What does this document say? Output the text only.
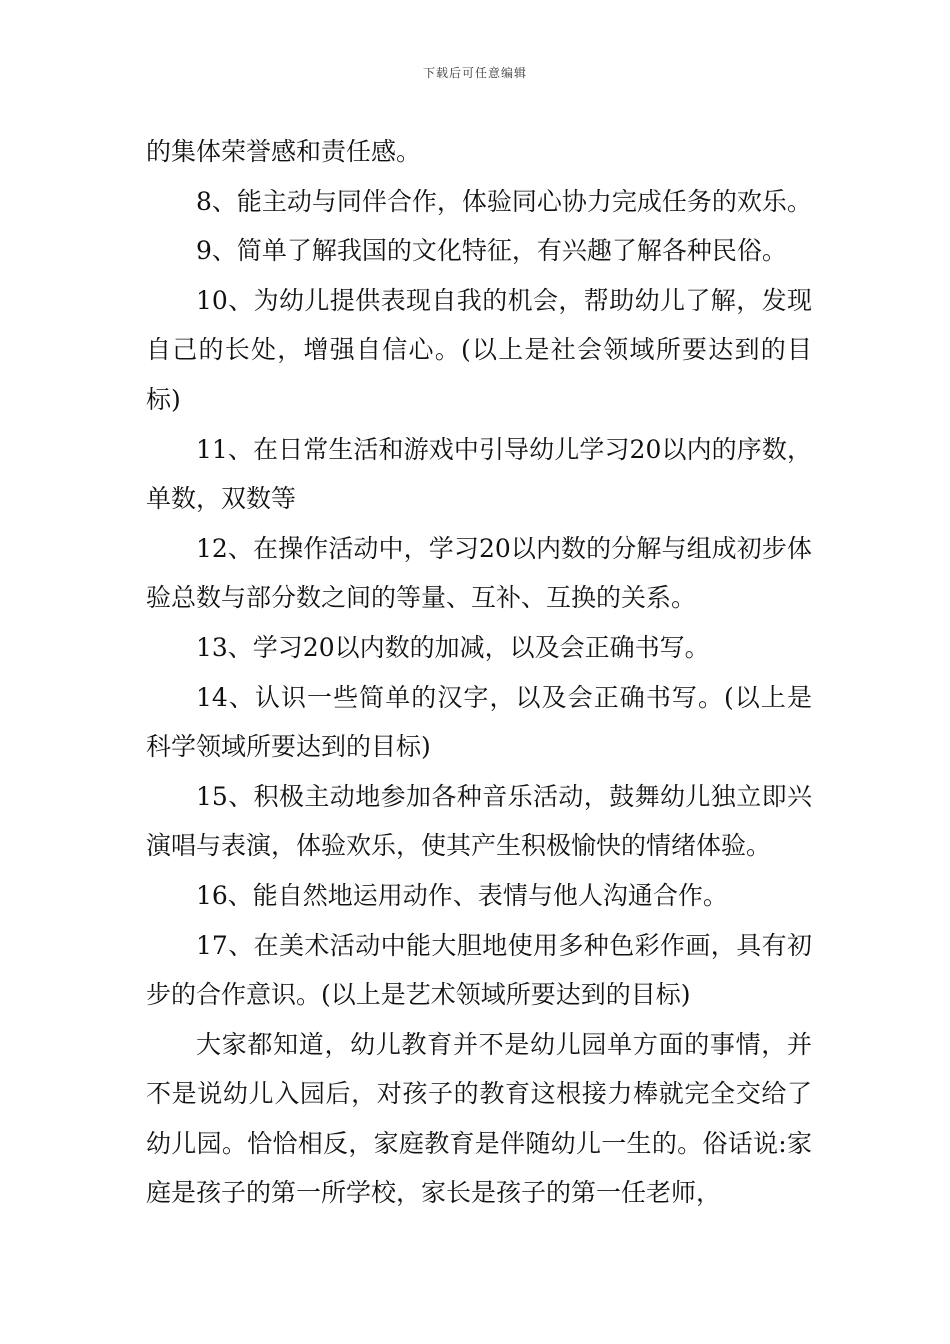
下载后可任意编辑

的集体荣誉感和责任感。

8、能主动与同伴合作，体验同心协力完成任务的欢乐。

9、简单了解我国的文化特征，有兴趣了解各种民俗。

10、为幼儿提供表现自我的机会，帮助幼儿了解，发现自己的长处，增强自信心。(以上是社会领域所要达到的目标)

11、在日常生活和游戏中引导幼儿学习20以内的序数，单数，双数等

12、在操作活动中，学习20以内数的分解与组成初步体验总数与部分数之间的等量、互补、互换的关系。

13、学习20以内数的加减，以及会正确书写。

14、认识一些简单的汉字，以及会正确书写。(以上是科学领域所要达到的目标)

15、积极主动地参加各种音乐活动，鼓舞幼儿独立即兴演唱与表演，体验欢乐，使其产生积极愉快的情绪体验。

16、能自然地运用动作、表情与他人沟通合作。

17、在美术活动中能大胆地使用多种色彩作画，具有初步的合作意识。(以上是艺术领域所要达到的目标)

大家都知道，幼儿教育并不是幼儿园单方面的事情，并不是说幼儿入园后，对孩子的教育这根接力棒就完全交给了幼儿园。恰恰相反，家庭教育是伴随幼儿一生的。俗话说:家庭是孩子的第一所学校，家长是孩子的第一任老师，
